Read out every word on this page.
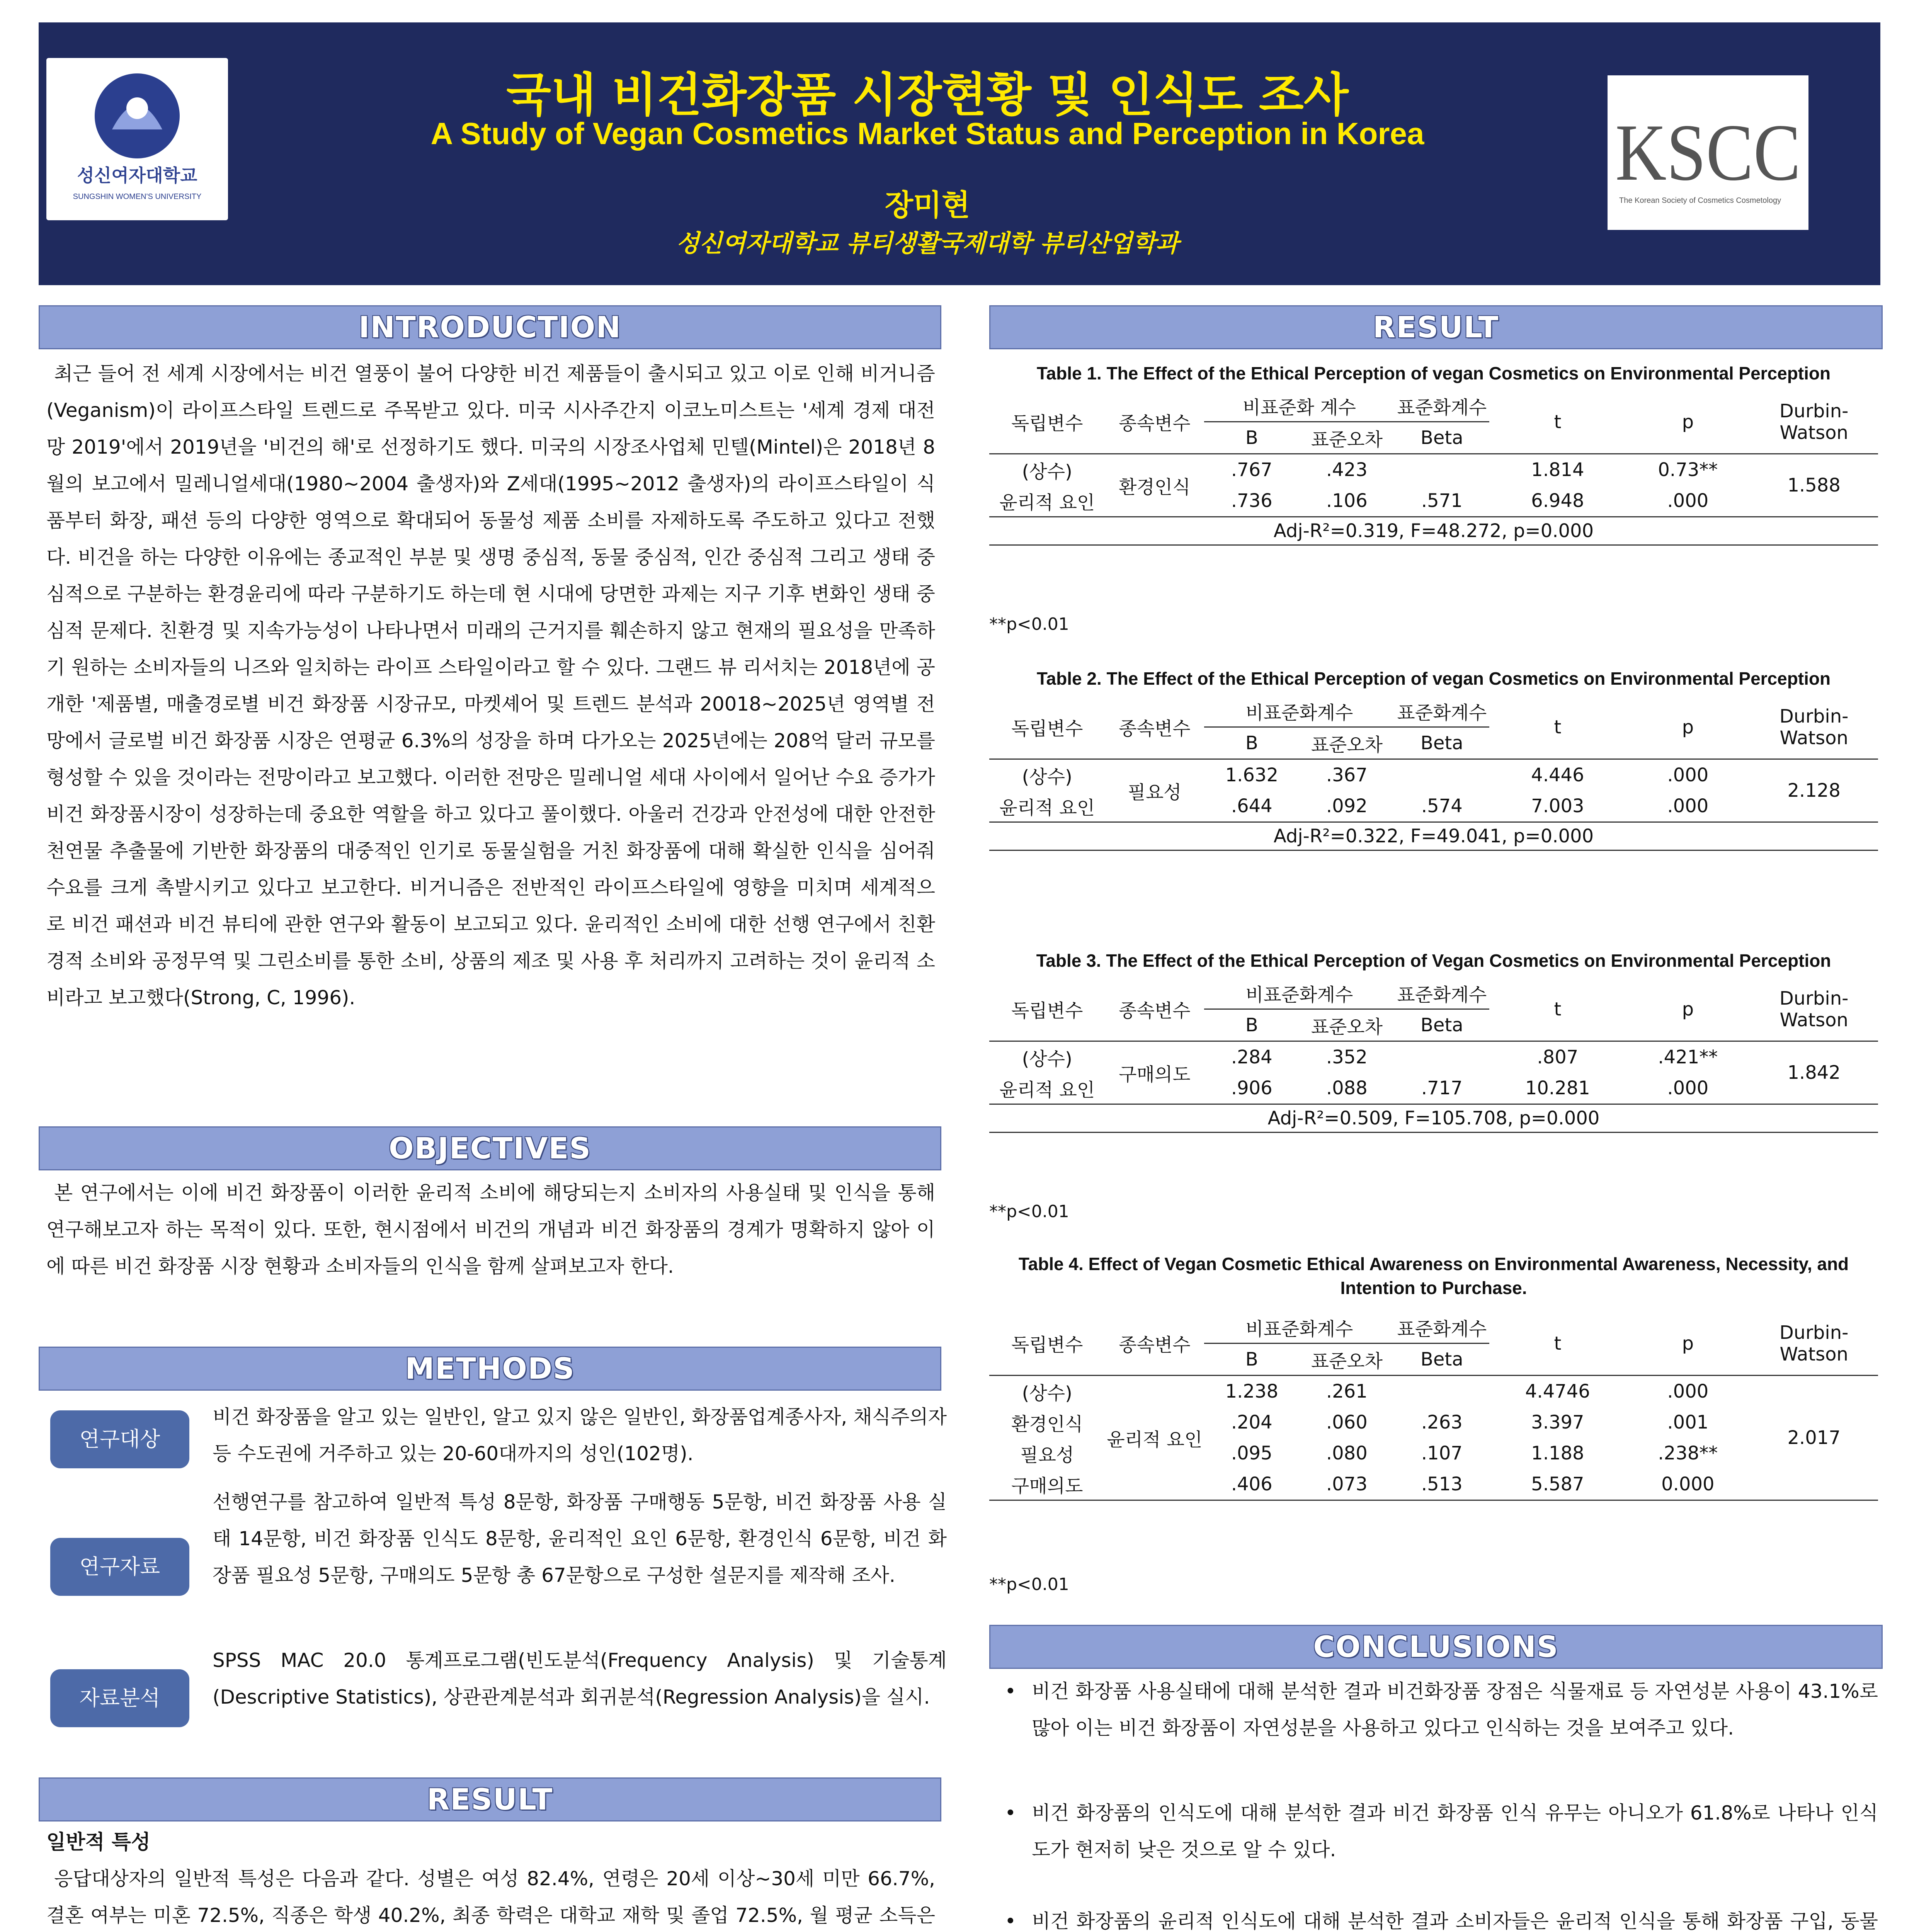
성신여자대학교
SUNGSHIN WOMEN'S UNIVERSITY	KSCC
The Korean Society of Cosmetics Cosmetology
국내 비건화장품 시장현황 및 인식도 조사
A Study of Vegan Cosmetics Market Status and Perception in Korea
장미현
성신여자대학교 뷰티생활국제대학 뷰티산업학과
INTRODUCTION
최근 들어 전 세계 시장에서는 비건 열풍이 불어 다양한 비건 제품들이 출시되고 있고 이로 인해 비거니즘(Veganism)이 라이프스타일 트렌드로 주목받고 있다. 미국 시사주간지 이코노미스트는 '세계 경제 대전망 2019'에서 2019년을 '비건의 해'로 선정하기도 했다. 미국의 시장조사업체 민텔(Mintel)은 2018년 8월의 보고에서 밀레니얼세대(1980~2004 출생자)와 Z세대(1995~2012 출생자)의 라이프스타일이 식품부터 화장, 패션 등의 다양한 영역으로 확대되어 동물성 제품 소비를 자제하도록 주도하고 있다고 전했다. 비건을 하는 다양한 이유에는 종교적인 부분 및 생명 중심적, 동물 중심적, 인간 중심적 그리고 생태 중심적으로 구분하는 환경윤리에 따라 구분하기도 하는데 현 시대에 당면한 과제는 지구 기후 변화인 생태 중심적 문제다. 친환경 및 지속가능성이 나타나면서 미래의 근거지를 훼손하지 않고 현재의 필요성을 만족하기 원하는 소비자들의 니즈와 일치하는 라이프 스타일이라고 할 수 있다. 그랜드 뷰 리서치는 2018년에 공개한 '제품별, 매출경로별 비건 화장품 시장규모, 마켓셰어 및 트렌드 분석과 20018~2025년 영역별 전망에서 글로벌 비건 화장품 시장은 연평균 6.3%의 성장을 하며 다가오는 2025년에는 208억 달러 규모를 형성할 수 있을 것이라는 전망이라고 보고했다. 이러한 전망은 밀레니얼 세대 사이에서 일어난 수요 증가가 비건 화장품시장이 성장하는데 중요한 역할을 하고 있다고 풀이했다. 아울러 건강과 안전성에 대한 안전한 천연물 추출물에 기반한 화장품의 대중적인 인기로 동물실험을 거친 화장품에 대해 확실한 인식을 심어줘 수요를 크게 촉발시키고 있다고 보고한다. 비거니즘은 전반적인 라이프스타일에 영향을 미치며 세계적으로 비건 패션과 비건 뷰티에 관한 연구와 활동이 보고되고 있다. 윤리적인 소비에 대한 선행 연구에서 친환경적 소비와 공정무역 및 그린소비를 통한 소비, 상품의 제조 및 사용 후 처리까지 고려하는 것이 윤리적 소비라고 보고했다(Strong, C, 1996).
OBJECTIVES
본 연구에서는 이에 비건 화장품이 이러한 윤리적 소비에 해당되는지 소비자의 사용실태 및 인식을 통해 연구해보고자 하는 목적이 있다. 또한, 현시점에서 비건의 개념과 비건 화장품의 경계가 명확하지 않아 이에 따른 비건 화장품 시장 현황과 소비자들의 인식을 함께 살펴보고자 한다.
METHODS
연구대상
비건 화장품을 알고 있는 일반인, 알고 있지 않은 일반인, 화장품업계종사자, 채식주의자 등 수도권에 거주하고 있는 20-60대까지의 성인(102명).
연구자료
선행연구를 참고하여 일반적 특성 8문항, 화장품 구매행동 5문항, 비건 화장품 사용 실태 14문항, 비건 화장품 인식도 8문항, 윤리적인 요인 6문항, 환경인식 6문항, 비건 화장품 필요성 5문항, 구매의도 5문항 총 67문항으로 구성한 설문지를 제작해 조사.
자료분석
SPSS MAC 20.0 통계프로그램(빈도분석(Frequency Analysis) 및 기술통계(Descriptive Statistics), 상관관계분석과 회귀분석(Regression Analysis)을 실시.
RESULT
일반적 특성
응답대상자의 일반적 특성은 다음과 같다. 성별은 여성 82.4%, 연령은 20세 이상~30세 미만 66.7%, 결혼 여부는 미혼 72.5%, 직종은 학생 40.2%, 최종 학력은 대학교 재학 및 졸업 72.5%, 월 평균 소득은
RESULT
Table 1. The Effect of the Ethical Perception of vegan Cosmetics on Environmental Perception
독립변수	종속변수	비표준화 계수		표준화계수	t	p	Durbin-Watson
		B	표준오차	Beta			
(상수)	환경인식	.767	.423		1.814	0.73**	1.588
윤리적 요인		.736	.106	.571	6.948	.000	
Adj-R²=0.319, F=48.272, p=0.000							
**p<0.01
Table 2. The Effect of the Ethical Perception of vegan Cosmetics on Environmental Perception
독립변수	종속변수	비표준화계수		표준화계수	t	p	Durbin-Watson
		B	표준오차	Beta			
(상수)	필요성	1.632	.367		4.446	.000	2.128
윤리적 요인		.644	.092	.574	7.003	.000	
Adj-R²=0.322, F=49.041, p=0.000							
Table 3. The Effect of the Ethical Perception of Vegan Cosmetics on Environmental Perception
독립변수	종속변수	비표준화계수		표준화계수	t	p	Durbin-Watson
		B	표준오차	Beta			
(상수)	구매의도	.284	.352		.807	.421**	1.842
윤리적 요인		.906	.088	.717	10.281	.000	
Adj-R²=0.509, F=105.708, p=0.000							
**p<0.01
Table 4. Effect of Vegan Cosmetic Ethical Awareness on Environmental Awareness, Necessity, and Intention to Purchase.
독립변수	종속변수	비표준화계수		표준화계수	t	p	Durbin-Watson
		B	표준오차	Beta			
(상수)	윤리적 요인	1.238	.261		4.4746	.000	2.017
환경인식		.204	.060	.263	3.397	.001	
필요성		.095	.080	.107	1.188	.238**	
구매의도		.406	.073	.513	5.587	0.000	
**p<0.01
CONCLUSIONS
• 비건 화장품 사용실태에 대해 분석한 결과 비건화장품 장점은 식물재료 등 자연성분 사용이 43.1%로 많아 이는 비건 화장품이 자연성분을 사용하고 있다고 인식하는 것을 보여주고 있다.
• 비건 화장품의 인식도에 대해 분석한 결과 비건 화장품 인식 유무는 아니오가 61.8%로 나타나 인식도가 현저히 낮은 것으로 알 수 있다.
• 비건 화장품의 윤리적 인식도에 대해 분석한 결과 소비자들은 윤리적 인식을 통해 화장품 구입, 동물
